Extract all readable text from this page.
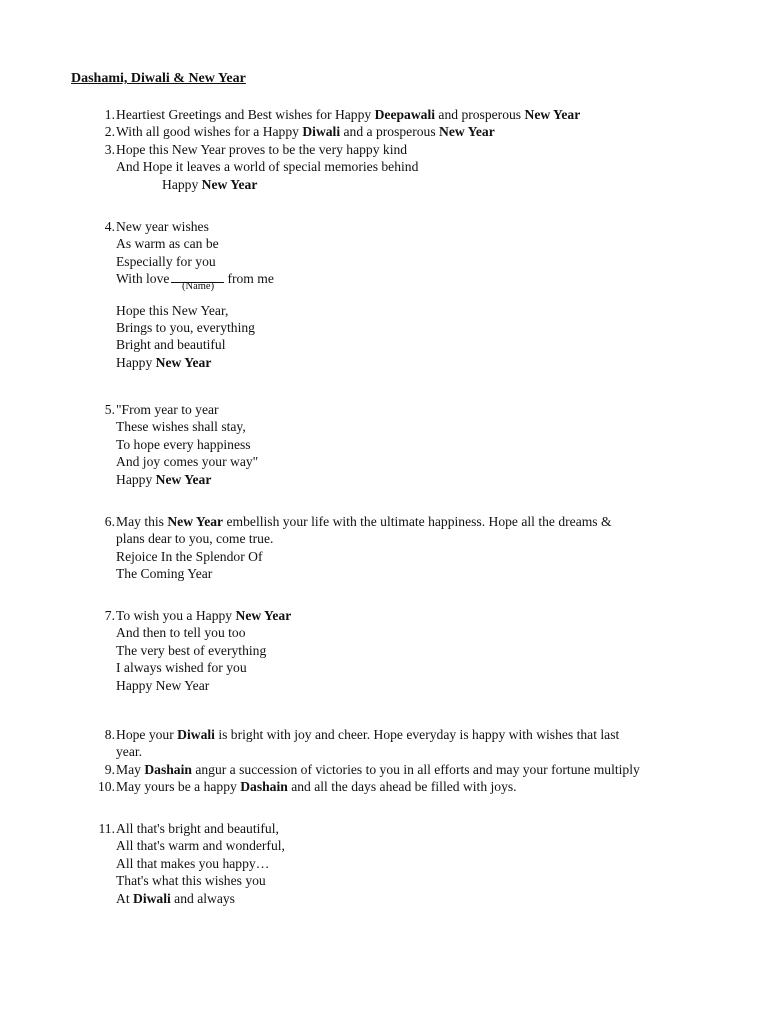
Dashami, Diwali & New Year
1. Heartiest Greetings and Best wishes for Happy Deepawali and prosperous New Year
2. With all good wishes for a Happy Diwali and a prosperous New Year
3. Hope this New Year proves to be the very happy kind
And Hope it leaves a world of special memories behind
Happy New Year
4. New year wishes
As warm as can be
Especially for you
With love	from me
(Name)
Hope this New Year,
Brings to you, everything
Bright and beautiful
Happy New Year
5. "From year to year
These wishes shall stay,
To hope every happiness
And joy comes your way"
Happy New Year
6. May this New Year embellish your life with the ultimate happiness. Hope all the dreams &
plans dear to you, come true.
Rejoice In the Splendor Of
The Coming Year
7. To wish you a Happy New Year
And then to tell you too
The very best of everything
I always wished for you
Happy New Year
8. Hope your Diwali is bright with joy and cheer. Hope everyday is happy with wishes that last
year.
9. May Dashain angur a succession of victories to you in all efforts and may your fortune multiply
10. May yours be a happy Dashain and all the days ahead be filled with joys.
11. All that's bright and beautiful,
All that's warm and wonderful,
All that makes you happy…
That's what this wishes you
At Diwali and always
